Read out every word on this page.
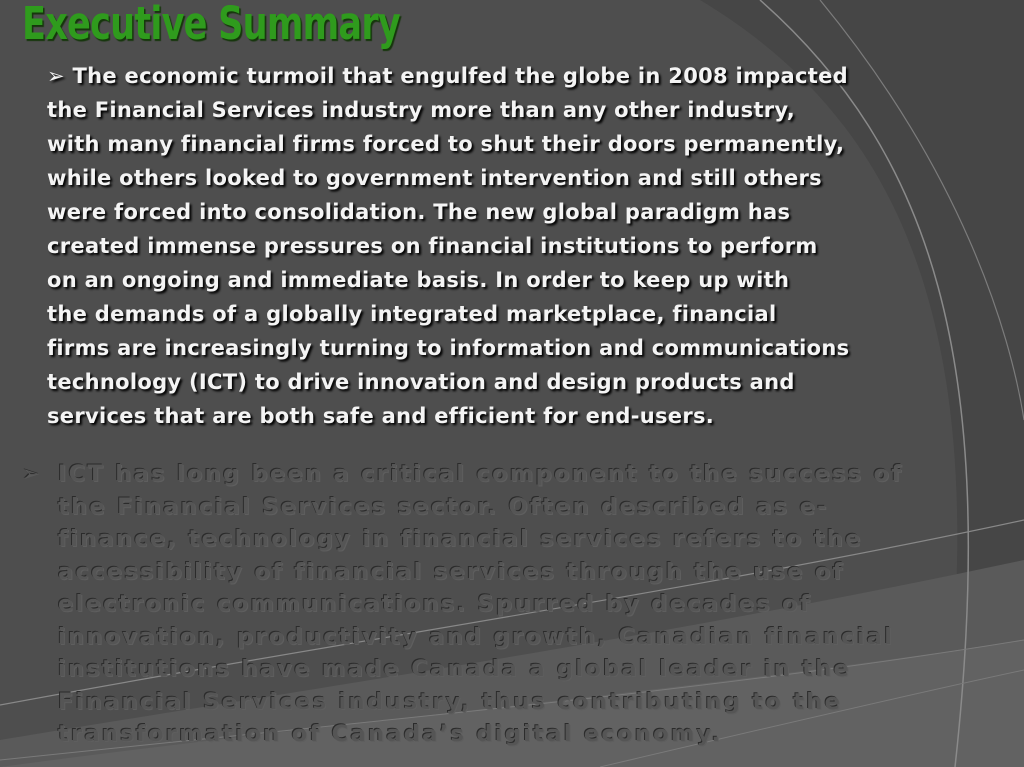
Executive Summary
➢ The economic turmoil that engulfed the globe in 2008 impacted
the Financial Services industry more than any other industry,
with many financial firms forced to shut their doors permanently,
while others looked to government intervention and still others
were forced into consolidation. The new global paradigm has
created immense pressures on financial institutions to perform
on an ongoing and immediate basis. In order to keep up with
the demands of a globally integrated marketplace, financial
firms are increasingly turning to information and communications
technology (ICT) to drive innovation and design products and
services that are both safe and efficient for end-users.
➢ ICT has long been a critical component to the success of
the Financial Services sector. Often described as e-
finance, technology in financial services refers to the
accessibility of financial services through the use of
electronic communications. Spurred by decades of
innovation, productivity and growth, Canadian financial
institutions have made Canada a global leader in the
Financial Services industry, thus contributing to the
transformation of Canada’s digital economy.
